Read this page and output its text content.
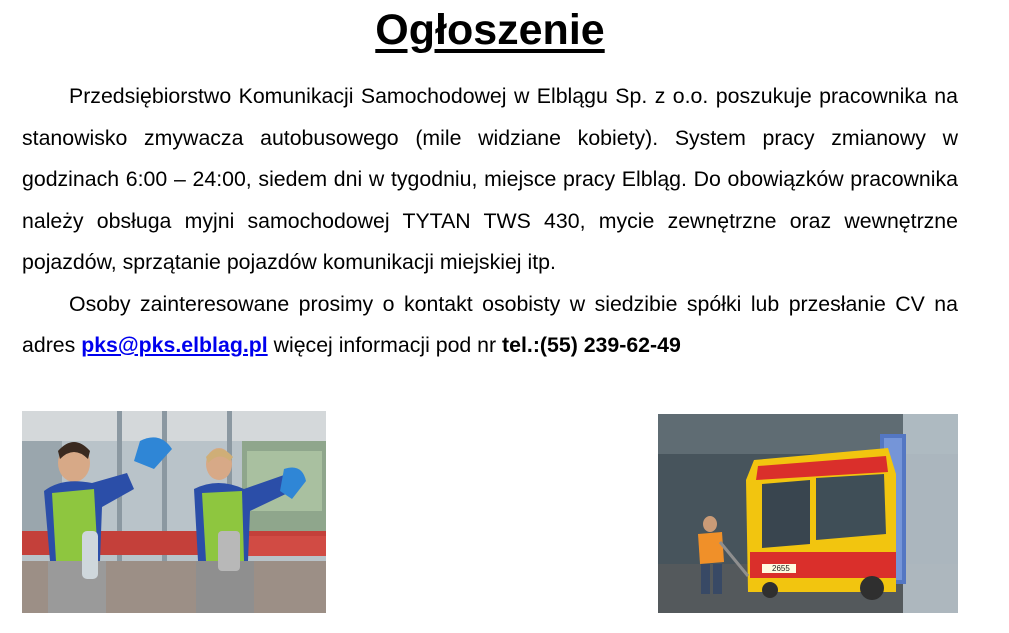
Ogłoszenie

Przedsiębiorstwo Komunikacji Samochodowej w Elblągu Sp. z o.o. poszukuje pracownika na stanowisko zmywacza autobusowego (mile widziane kobiety). System pracy zmianowy w godzinach 6:00 – 24:00, siedem dni w tygodniu, miejsce pracy Elbląg. Do obowiązków pracownika należy obsługa myjni samochodowej TYTAN TWS 430, mycie zewnętrzne oraz wewnętrzne pojazdów, sprzątanie pojazdów komunikacji miejskiej itp.

Osoby zainteresowane prosimy o kontakt osobisty w siedzibie spółki lub przesłanie CV na adres pks@pks.elblag.pl więcej informacji pod nr tel.:(55) 239-62-49

2655
